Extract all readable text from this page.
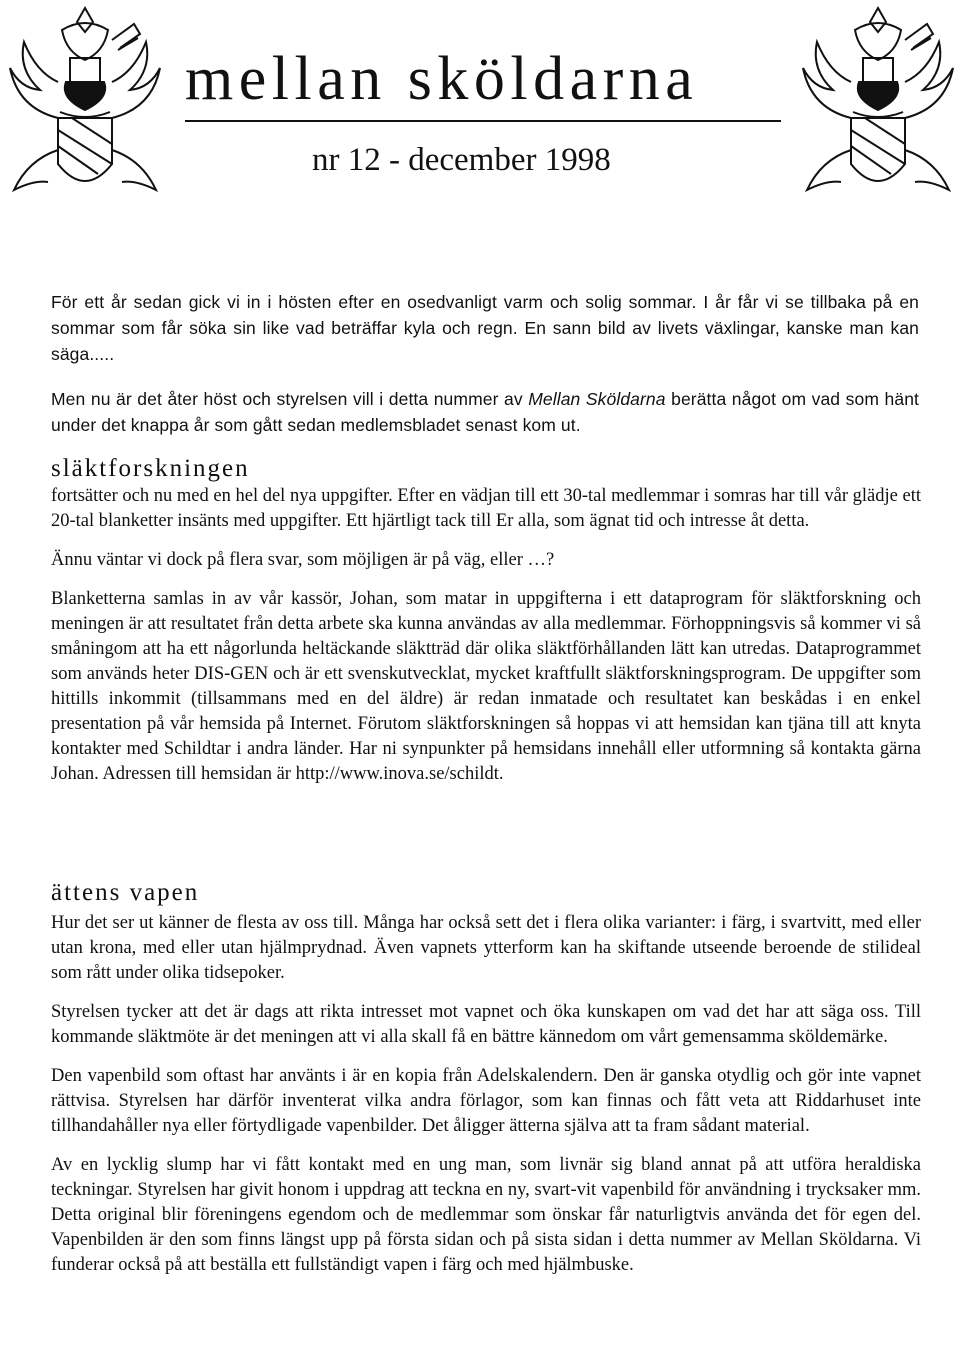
mellan sköldarna
nr 12 - december 1998

För ett år sedan gick vi in i hösten efter en osedvanligt varm och solig sommar. I år får vi se tillbaka på en sommar som får söka sin like vad beträffar kyla och regn. En sann bild av livets växlingar, kanske man kan säga.....

Men nu är det åter höst och styrelsen vill i detta nummer av Mellan Sköldarna berätta något om vad som hänt under det knappa år som gått sedan medlemsbladet senast kom ut.

släktforskningen

fortsätter och nu med en hel del nya uppgifter. Efter en vädjan till ett 30-tal medlemmar i somras har till vår glädje ett 20-tal blanketter insänts med uppgifter. Ett hjärtligt tack till Er alla, som ägnat tid och intresse åt detta.

Ännu väntar vi dock på flera svar, som möjligen är på väg, eller …?

Blanketterna samlas in av vår kassör, Johan, som matar in uppgifterna i ett dataprogram för släktforskning och meningen är att resultatet från detta arbete ska kunna användas av alla medlemmar. Förhoppningsvis så kommer vi så småningom att ha ett någorlunda heltäckande släktträd där olika släktförhållanden lätt kan utredas. Dataprogrammet som används heter DIS-GEN och är ett svenskutvecklat, mycket kraftfullt släktforskningsprogram. De uppgifter som hittills inkommit (tillsammans med en del äldre) är redan inmatade och resultatet kan beskådas i en enkel presentation på vår hemsida på Internet. Förutom släktforskningen så hoppas vi att hemsidan kan tjäna till att knyta kontakter med Schildtar i andra länder. Har ni synpunkter på hemsidans innehåll eller utformning så kontakta gärna Johan. Adressen till hemsidan är http://www.inova.se/schildt.

ättens vapen

Hur det ser ut känner de flesta av oss till. Många har också sett det i flera olika varianter: i färg, i svartvitt, med eller utan krona, med eller utan hjälmprydnad. Även vapnets ytterform kan ha skiftande utseende beroende de stilideal som rått under olika tidsepoker.

Styrelsen tycker att det är dags att rikta intresset mot vapnet och öka kunskapen om vad det har att säga oss. Till kommande släktmöte är det meningen att vi alla skall få en bättre kännedom om vårt gemensamma sköldemärke.

Den vapenbild som oftast har använts i är en kopia från Adelskalendern. Den är ganska otydlig och gör inte vapnet rättvisa. Styrelsen har därför inventerat vilka andra förlagor, som kan finnas och fått veta att Riddarhuset inte tillhandahåller nya eller förtydligade vapenbilder. Det åligger ätterna själva att ta fram sådant material.

Av en lycklig slump har vi fått kontakt med en ung man, som livnär sig bland annat på att utföra heraldiska teckningar. Styrelsen har givit honom i uppdrag att teckna en ny, svart-vit vapenbild för användning i trycksaker mm. Detta original blir föreningens egendom och de medlemmar som önskar får naturligtvis använda det för egen del. Vapenbilden är den som finns längst upp på första sidan och på sista sidan i detta nummer av Mellan Sköldarna. Vi funderar också på att beställa ett fullständigt vapen i färg och med hjälmbuske.
